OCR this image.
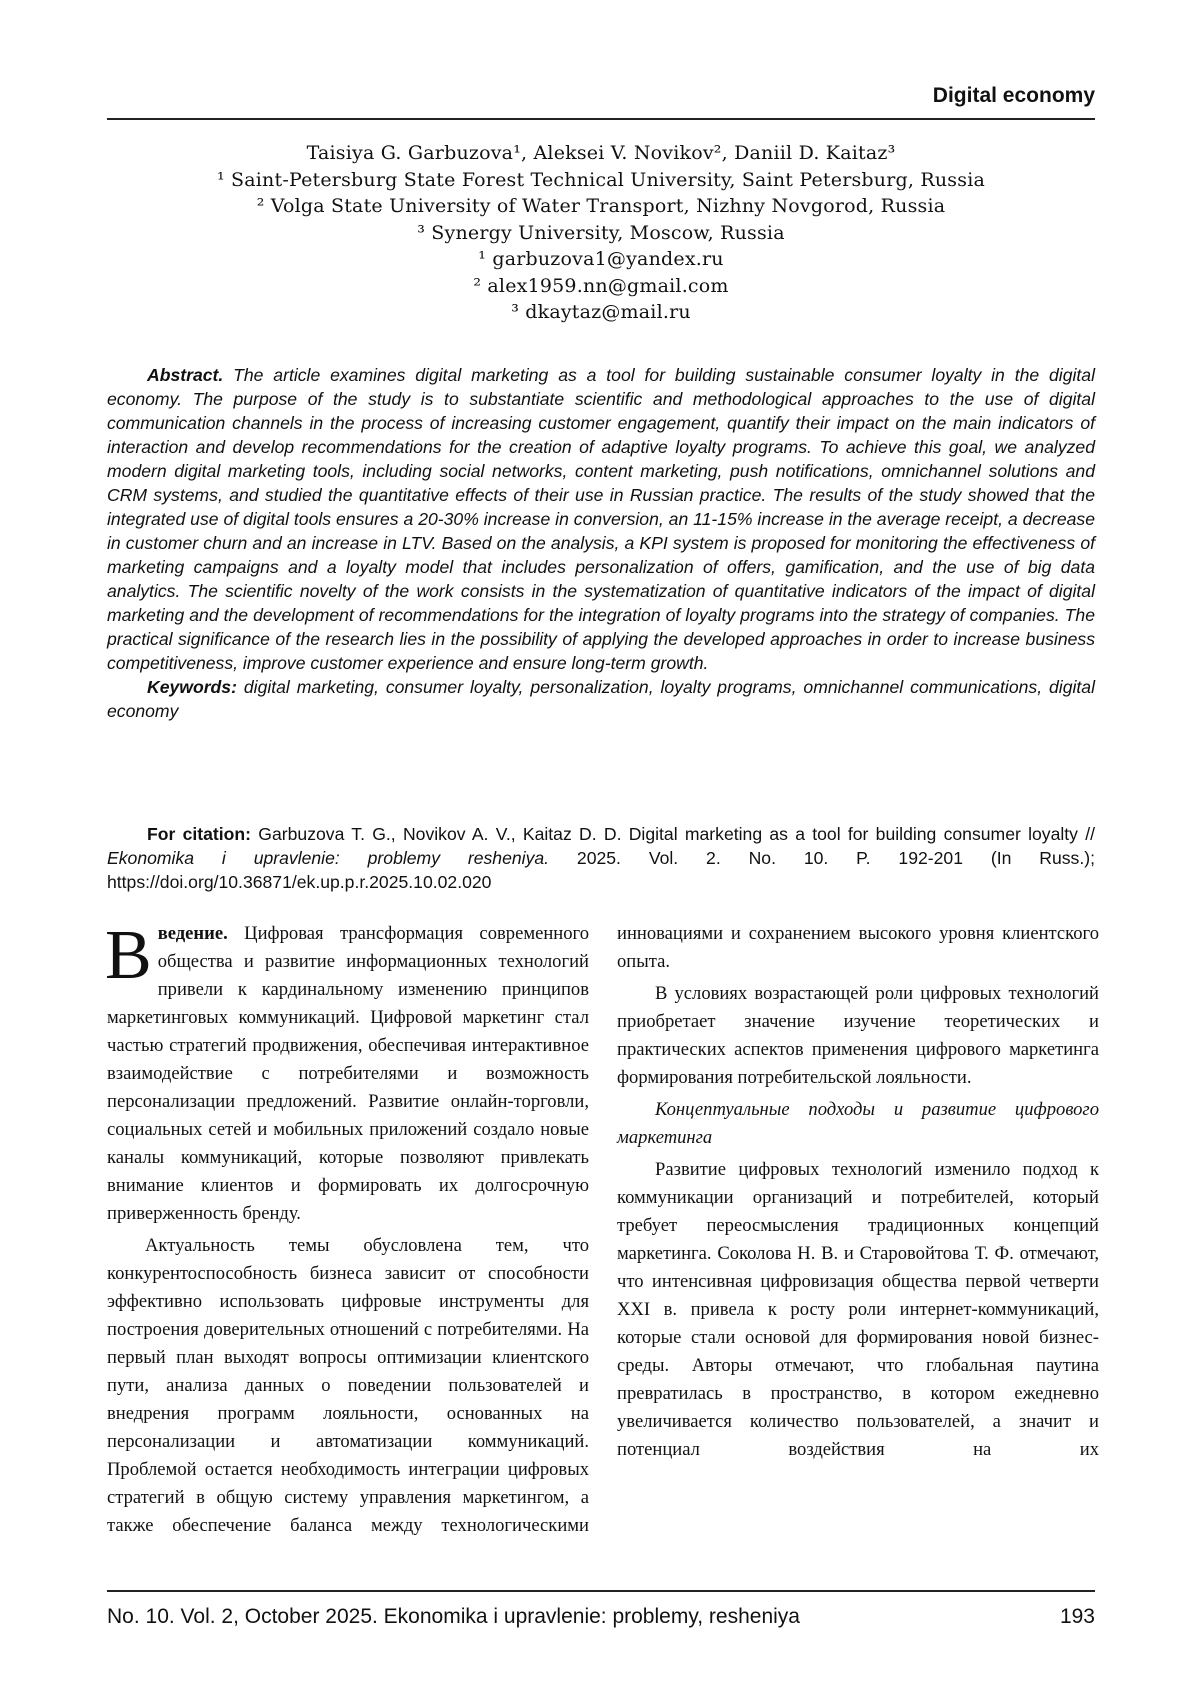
Digital economy
Taisiya G. Garbuzova¹, Aleksei V. Novikov², Daniil D. Kaitaz³
¹ Saint-Petersburg State Forest Technical University, Saint Petersburg, Russia
² Volga State University of Water Transport, Nizhny Novgorod, Russia
³ Synergy University, Moscow, Russia
¹ garbuzova1@yandex.ru
² alex1959.nn@gmail.com
³ dkaytaz@mail.ru

Abstract. The article examines digital marketing as a tool for building sustainable consumer loyalty in the digital economy. The purpose of the study is to substantiate scientific and methodological approaches to the use of digital communication channels in the process of increasing customer engagement, quantify their impact on the main indicators of interaction and develop recommendations for the creation of adaptive loyalty programs. To achieve this goal, we analyzed modern digital marketing tools, including social networks, content marketing, push notifications, omnichannel solutions and CRM systems, and studied the quantitative effects of their use in Russian practice. The results of the study showed that the integrated use of digital tools ensures a 20-30% increase in conversion, an 11-15% increase in the average receipt, a decrease in customer churn and an increase in LTV. Based on the analysis, a KPI system is proposed for monitoring the effectiveness of marketing campaigns and a loyalty model that includes personalization of offers, gamification, and the use of big data analytics. The scientific novelty of the work consists in the systematization of quantitative indicators of the impact of digital marketing and the development of recommendations for the integration of loyalty programs into the strategy of companies. The practical significance of the research lies in the possibility of applying the developed approaches in order to increase business competitiveness, improve customer experience and ensure long-term growth.

Keywords: digital marketing, consumer loyalty, personalization, loyalty programs, omnichannel communications, digital economy

For citation: Garbuzova T. G., Novikov A. V., Kaitaz D. D. Digital marketing as a tool for building consumer loyalty // Ekonomika i upravlenie: problemy resheniya. 2025. Vol. 2. No. 10. P. 192-201 (In Russ.); https://doi.org/10.36871/ek.up.p.r.2025.10.02.020

В ведение. Цифровая трансформация современного общества и развитие информационных технологий привели к кардинальному изменению принципов маркетинговых коммуникаций. Цифровой маркетинг стал частью стратегий продвижения, обеспечивая интерактивное взаимодействие с потребителями и возможность персонализации предложений. Развитие онлайн-торговли, социальных сетей и мобильных приложений создало новые каналы коммуникаций, которые позволяют привлекать внимание клиентов и формировать их долгосрочную приверженность бренду.

Актуальность темы обусловлена тем, что конкурентоспособность бизнеса зависит от способности эффективно использовать цифровые инструменты для построения доверительных отношений с потребителями. На первый план выходят вопросы оптимизации клиентского пути, анализа данных о поведении пользователей и внедрения программ лояльности, основанных на персонализации и автоматизации коммуникаций. Проблемой остается необходимость интеграции цифровых стратегий в общую систему управления маркетингом, а также обеспечение баланса между технологическими инновациями и сохранением высокого уровня клиентского опыта.

В условиях возрастающей роли цифровых технологий приобретает значение изучение теоретических и практических аспектов применения цифрового маркетинга формирования потребительской лояльности.

Концептуальные подходы и развитие цифрового маркетинга

Развитие цифровых технологий изменило подход к коммуникации организаций и потребителей, который требует переосмысления традиционных концепций маркетинга. Соколова Н. В. и Старовойтова Т. Ф. отмечают, что интенсивная цифровизация общества первой четверти XXI в. привела к росту роли интернет-коммуникаций, которые стали основой для формирования новой бизнес-среды. Авторы отмечают, что глобальная паутина превратилась в пространство, в котором ежедневно увеличивается количество пользователей, а значит и потенциал воздействия на их

No. 10. Vol. 2, October 2025. Ekonomika i upravlenie: problemy, resheniya	193
